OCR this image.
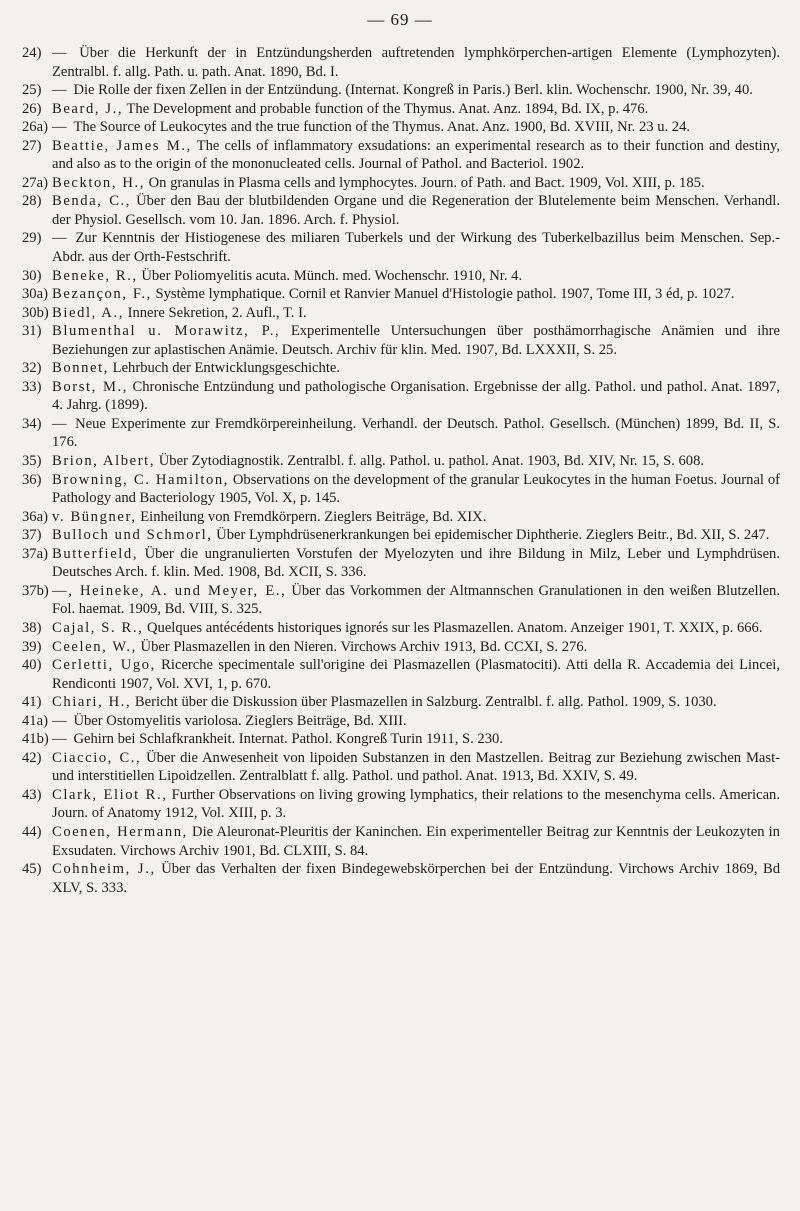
— 69 —
24) — Über die Herkunft der in Entzündungsherden auftretenden lymphkörperchen-artigen Elemente (Lymphozyten). Zentralbl. f. allg. Path. u. path. Anat. 1890, Bd. I.
25) — Die Rolle der fixen Zellen in der Entzündung. (Internat. Kongreß in Paris.) Berl. klin. Wochenschr. 1900, Nr. 39, 40.
26) Beard, J., The Development and probable function of the Thymus. Anat. Anz. 1894, Bd. IX, p. 476.
26a) — The Source of Leukocytes and the true function of the Thymus. Anat. Anz. 1900, Bd. XVIII, Nr. 23 u. 24.
27) Beattie, James M., The cells of inflammatory exsudations: an experimental research as to their function and destiny, and also as to the origin of the mononucleated cells. Journal of Pathol. and Bacteriol. 1902.
27a) Beckton, H., On granulas in Plasma cells and lymphocytes. Journ. of Path. and Bact. 1909, Vol. XIII, p. 185.
28) Benda, C., Über den Bau der blutbildenden Organe und die Regeneration der Blutelemente beim Menschen. Verhandl. der Physiol. Gesellsch. vom 10. Jan. 1896. Arch. f. Physiol.
29) — Zur Kenntnis der Histiogenese des miliaren Tuberkels und der Wirkung des Tuberkelbazillus beim Menschen. Sep.-Abdr. aus der Orth-Festschrift.
30) Beneke, R., Über Poliomyelitis acuta. Münch. med. Wochenschr. 1910, Nr. 4.
30a) Bezançon, F., Système lymphatique. Cornil et Ranvier Manuel d'Histologie pathol. 1907, Tome III, 3 éd, p. 1027.
30b) Biedl, A., Innere Sekretion, 2. Aufl., T. I.
31) Blumenthal u. Morawitz, P., Experimentelle Untersuchungen über posthämorrhagische Anämien und ihre Beziehungen zur aplastischen Anämie. Deutsch. Archiv für klin. Med. 1907, Bd. LXXXII, S. 25.
32) Bonnet, Lehrbuch der Entwicklungsgeschichte.
33) Borst, M., Chronische Entzündung und pathologische Organisation. Ergebnisse der allg. Pathol. und pathol. Anat. 1897, 4. Jahrg. (1899).
34) — Neue Experimente zur Fremdkörpereinheilung. Verhandl. der Deutsch. Pathol. Gesellsch. (München) 1899, Bd. II, S. 176.
35) Brion, Albert, Über Zytodiagnostik. Zentralbl. f. allg. Pathol. u. pathol. Anat. 1903, Bd. XIV, Nr. 15, S. 608.
36) Browning, C. Hamilton, Observations on the development of the granular Leukocytes in the human Foetus. Journal of Pathology and Bacteriology 1905, Vol. X, p. 145.
36a) v. Büngner, Einheilung von Fremdkörpern. Zieglers Beiträge, Bd. XIX.
37) Bulloch und Schmorl, Über Lymphdrüsenerkrankungen bei epidemischer Diphtherie. Zieglers Beitr., Bd. XII, S. 247.
37a) Butterfield, Über die ungranulierten Vorstufen der Myelozyten und ihre Bildung in Milz, Leber und Lymphdrüsen. Deutsches Arch. f. klin. Med. 1908, Bd. XCII, S. 336.
37b) —, Heineke, A. und Meyer, E., Über das Vorkommen der Altmannschen Granulationen in den weißen Blutzellen. Fol. haemat. 1909, Bd. VIII, S. 325.
38) Cajal, S. R., Quelques antécédents historiques ignorés sur les Plasmazellen. Anatom. Anzeiger 1901, T. XXIX, p. 666.
39) Ceelen, W., Über Plasmazellen in den Nieren. Virchows Archiv 1913, Bd. CCXI, S. 276.
40) Cerletti, Ugo, Ricerche specimentale sull'origine dei Plasmazellen (Plasmatociti). Atti della R. Accademia dei Lincei, Rendiconti 1907, Vol. XVI, 1, p. 670.
41) Chiari, H., Bericht über die Diskussion über Plasmazellen in Salzburg. Zentralbl. f. allg. Pathol. 1909, S. 1030.
41a) — Über Ostomyelitis variolosa. Zieglers Beiträge, Bd. XIII.
41b) — Gehirn bei Schlafkrankheit. Internat. Pathol. Kongreß Turin 1911, S. 230.
42) Ciaccio, C., Über die Anwesenheit von lipoiden Substanzen in den Mastzellen. Beitrag zur Beziehung zwischen Mast- und interstitiellen Lipoidzellen. Zentralblatt f. allg. Pathol. und pathol. Anat. 1913, Bd. XXIV, S. 49.
43) Clark, Eliot R., Further Observations on living growing lymphatics, their relations to the mesenchyma cells. American. Journ. of Anatomy 1912, Vol. XIII, p. 3.
44) Coenen, Hermann, Die Aleuronat-Pleuritis der Kaninchen. Ein experimenteller Beitrag zur Kenntnis der Leukozyten in Exsudaten. Virchows Archiv 1901, Bd. CLXIII, S. 84.
45) Cohnheim, J., Über das Verhalten der fixen Bindegewebskörperchen bei der Entzündung. Virchows Archiv 1869, Bd XLV, S. 333.
